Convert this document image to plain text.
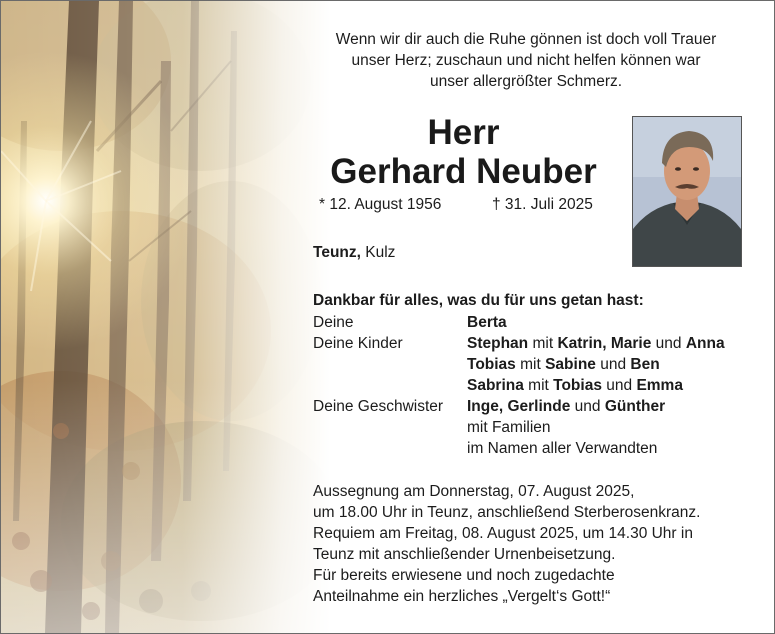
Wenn wir dir auch die Ruhe gönnen ist doch voll Trauer
unser Herz; zuschaun und nicht helfen können war
unser allergrößter Schmerz.
Herr
Gerhard Neuber
* 12. August 1956	† 31. Juli 2025
Teunz, Kulz
Dankbar für alles, was du für uns getan hast:
Deine
Deine Kinder
Deine Geschwister
Berta
Stephan mit Katrin, Marie und Anna
Tobias mit Sabine und Ben
Sabrina mit Tobias und Emma
Inge, Gerlinde und Günther
mit Familien
im Namen aller Verwandten
Aussegnung am Donnerstag, 07. August 2025,
um 18.00 Uhr in Teunz, anschließend Sterberosenkranz.
Requiem am Freitag, 08. August 2025, um 14.30 Uhr in
Teunz mit anschließender Urnenbeisetzung.
Für bereits erwiesene und noch zugedachte
Anteilnahme ein herzliches „Vergelt‘s Gott!“
